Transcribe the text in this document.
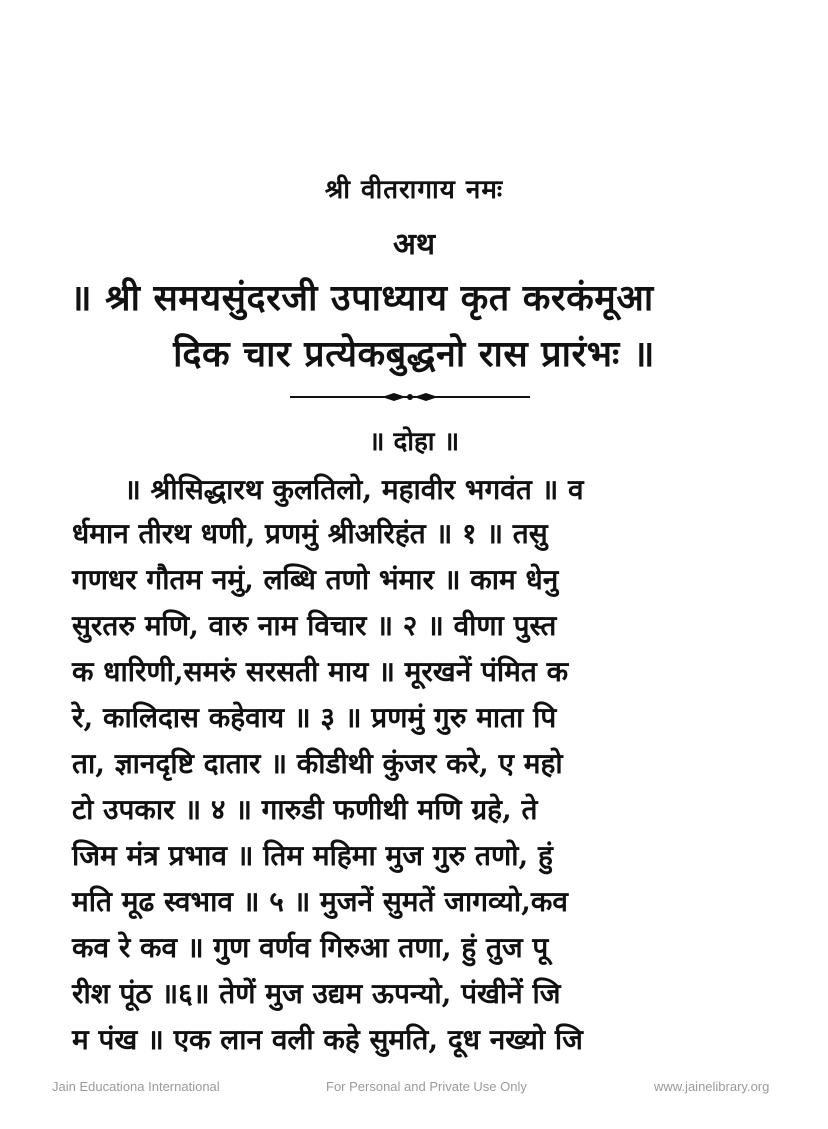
श्री वीतरागाय नमः
अथ
॥ श्री समयसुंदरजी उपाध्याय कृत करकंमूआ
दिक चार प्रत्येकबुद्धनो रास प्रारंभः ॥
॥ दोहा ॥
॥ श्रीसिद्धारथ कुलतिलो, महावीर भगवंत ॥ व
र्धमान तीरथ धणी, प्रणमुं श्रीअरिहंत ॥ १ ॥ तसु
गणधर गौतम नमुं, लब्धि तणो भंमार ॥ काम धेनु
सुरतरु मणि, वारु नाम विचार ॥ २ ॥ वीणा पुस्त
क धारिणी,समरुं सरसती माय ॥ मूरखनें पंमित क
रे, कालिदास कहेवाय ॥ ३ ॥ प्रणमुं गुरु माता पि
ता, ज्ञानदृष्टि दातार ॥ कीडीथी कुंजर करे, ए महो
टो उपकार ॥ ४ ॥ गारुडी फणीथी मणि ग्रहे, ते
जिम मंत्र प्रभाव ॥ तिम महिमा मुज गुरु तणो, हुं
मति मूढ स्वभाव ॥ ५ ॥ मुजनें सुमतें जागव्यो,कव
कव रे कव ॥ गुण वर्णव गिरुआ तणा, हुं तुज पू
रीश पूंठ ॥६॥ तेणें मुज उद्यम ऊपन्यो, पंखीनें जि
म पंख ॥ एक लान वली कहे सुमति, दूध नख्यो जि
Jain Educationa International	For Personal and Private Use Only	www.jainelibrary.org
